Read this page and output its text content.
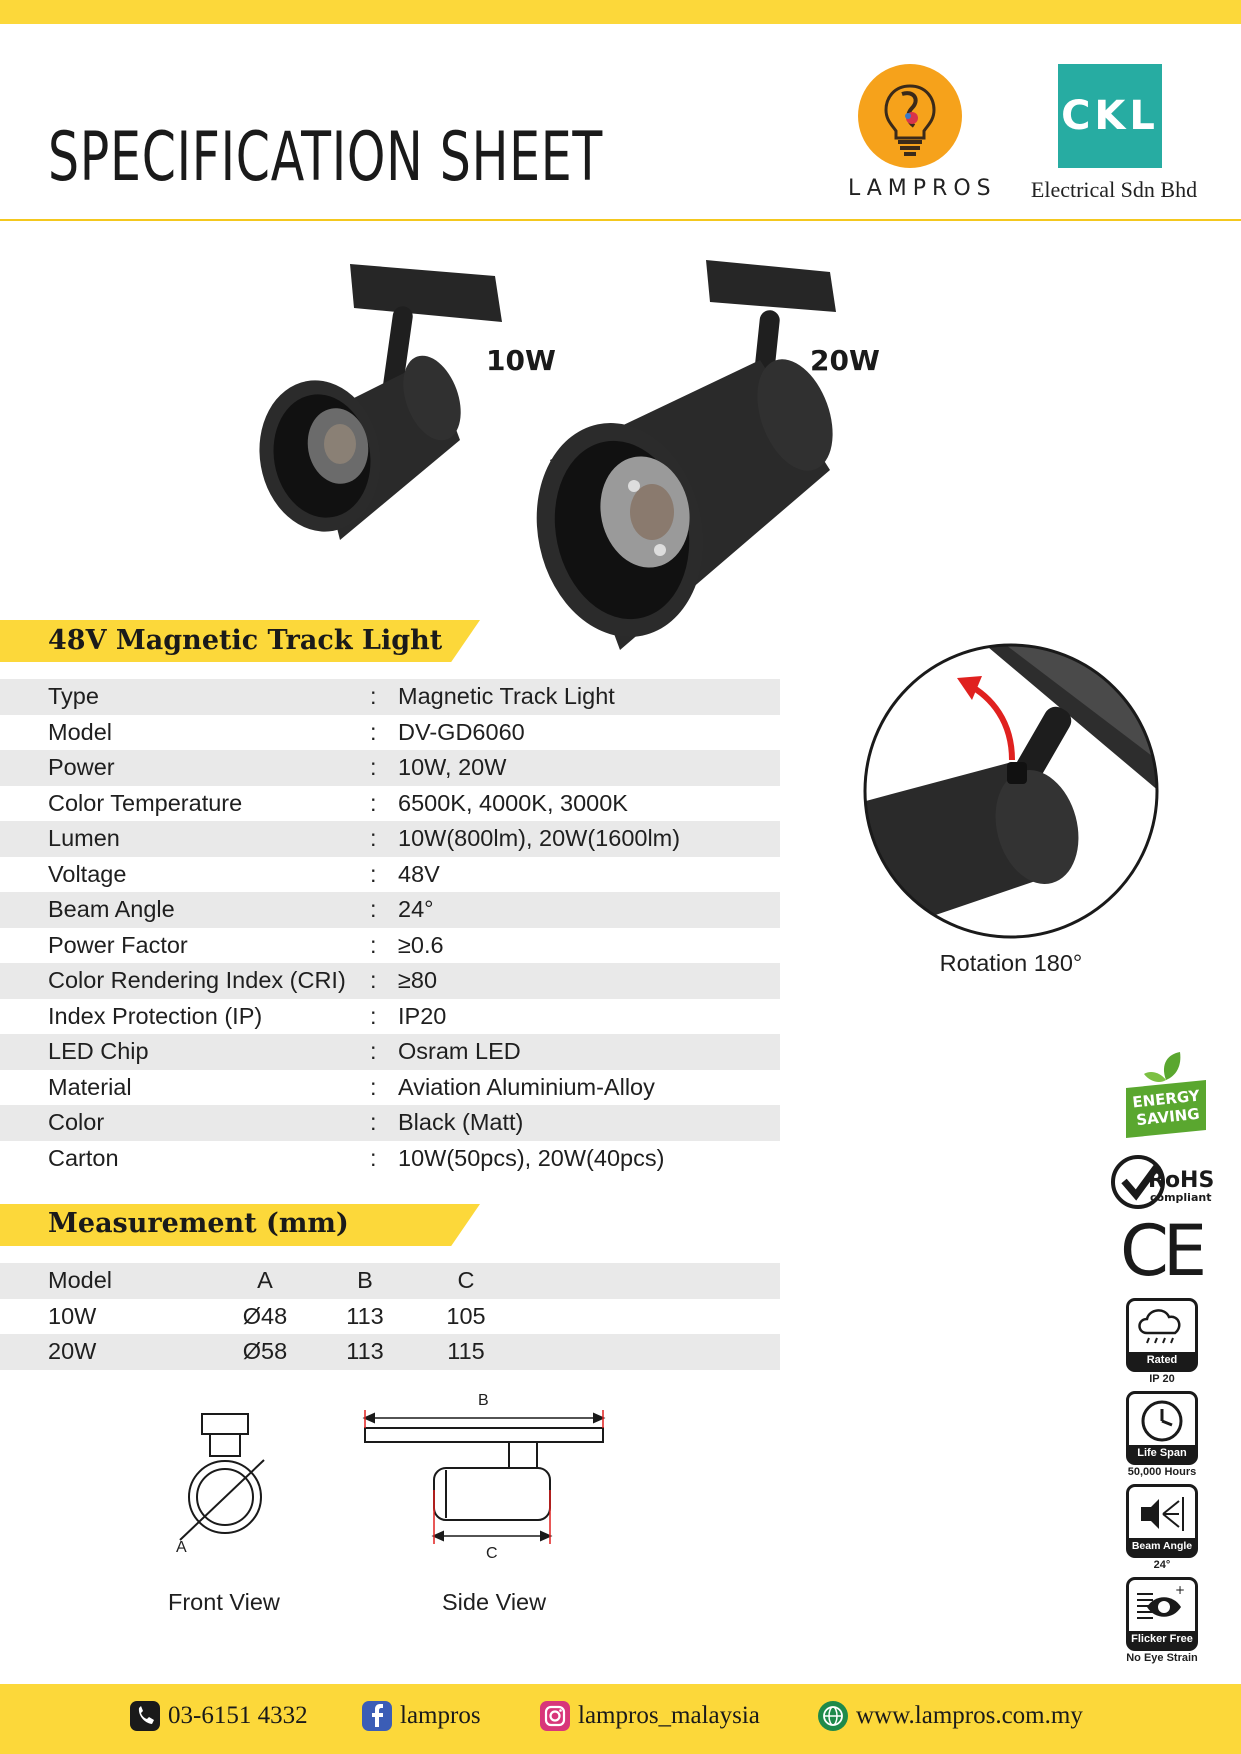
SPECIFICATION SHEET	LAMPROS
CKL
Electrical Sdn Bhd
10W	20W
48V Magnetic Track Light
Type	: Magnetic Track Light
Model	: DV-GD6060
Power	: 10W, 20W
Color Temperature	: 6500K, 4000K, 3000K
Lumen	: 10W(800lm), 20W(1600lm)
Voltage	: 48V
Beam Angle	: 24°
Power Factor	: ≥0.6
Color Rendering Index (CRI)	: ≥80
Index Protection (IP)	: IP20
LED Chip	: Osram LED
Material	: Aviation Aluminium-Alloy
Color	: Black (Matt)
Carton	: 10W(50pcs), 20W(40pcs)
Rotation 180°
Measurement (mm)
Model	A	B	C
10W	Ø48	113	105
20W	Ø58	113	115
A
B
C
Front View	Side View
ENERGY SAVING
RoHS
compliant
CE
Rated
IP 20
Life Span
50,000 Hours
Beam Angle
24°
+
Flicker Free
No Eye Strain
03-6151 4332	lampros	lampros_malaysia	www.lampros.com.my
